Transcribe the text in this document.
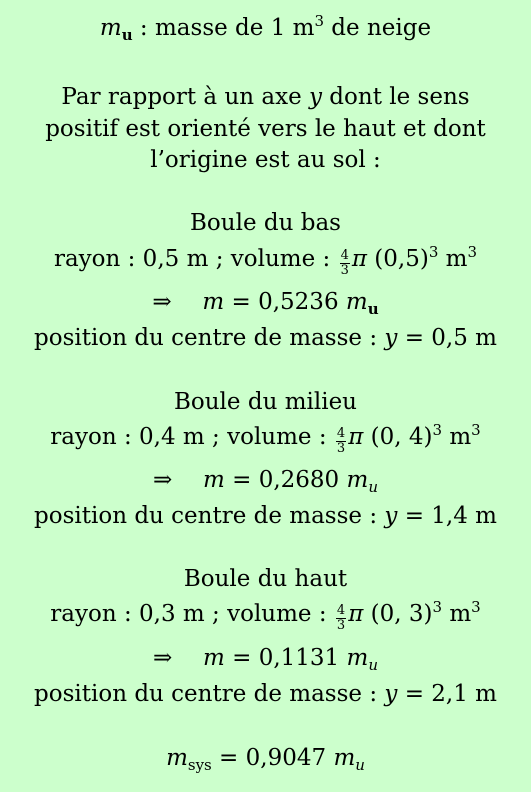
$m_u$ : masse de 1 $m^3$ de neige
Par rapport à un axe y dont le sens
positif est orienté vers le haut et dont
l’origine est au sol :
Boule du bas
rayon : 0,5 m ; volume : $\frac{4}{3}$ π $(0,5)^3$ $m^3$
⇒ m = 0,5236 $m_u$
position du centre de masse : y = 0,5 m
Boule du milieu
rayon : 0,4 m ; volume : $\frac{4}{3}$ π (0, 4)$^3$ $m^3$
⇒ m = 0,2680 $m_u$
position du centre de masse : y = 1,4 m
Boule du haut
rayon : 0,3 m ; volume : $\frac{4}{3}$ π (0, 3)$^3$ $m^3$
⇒ m = 0,1131 $m_u$
position du centre de masse : y = 2,1 m
$m_{sys} = 0,9047$ $m_u$
